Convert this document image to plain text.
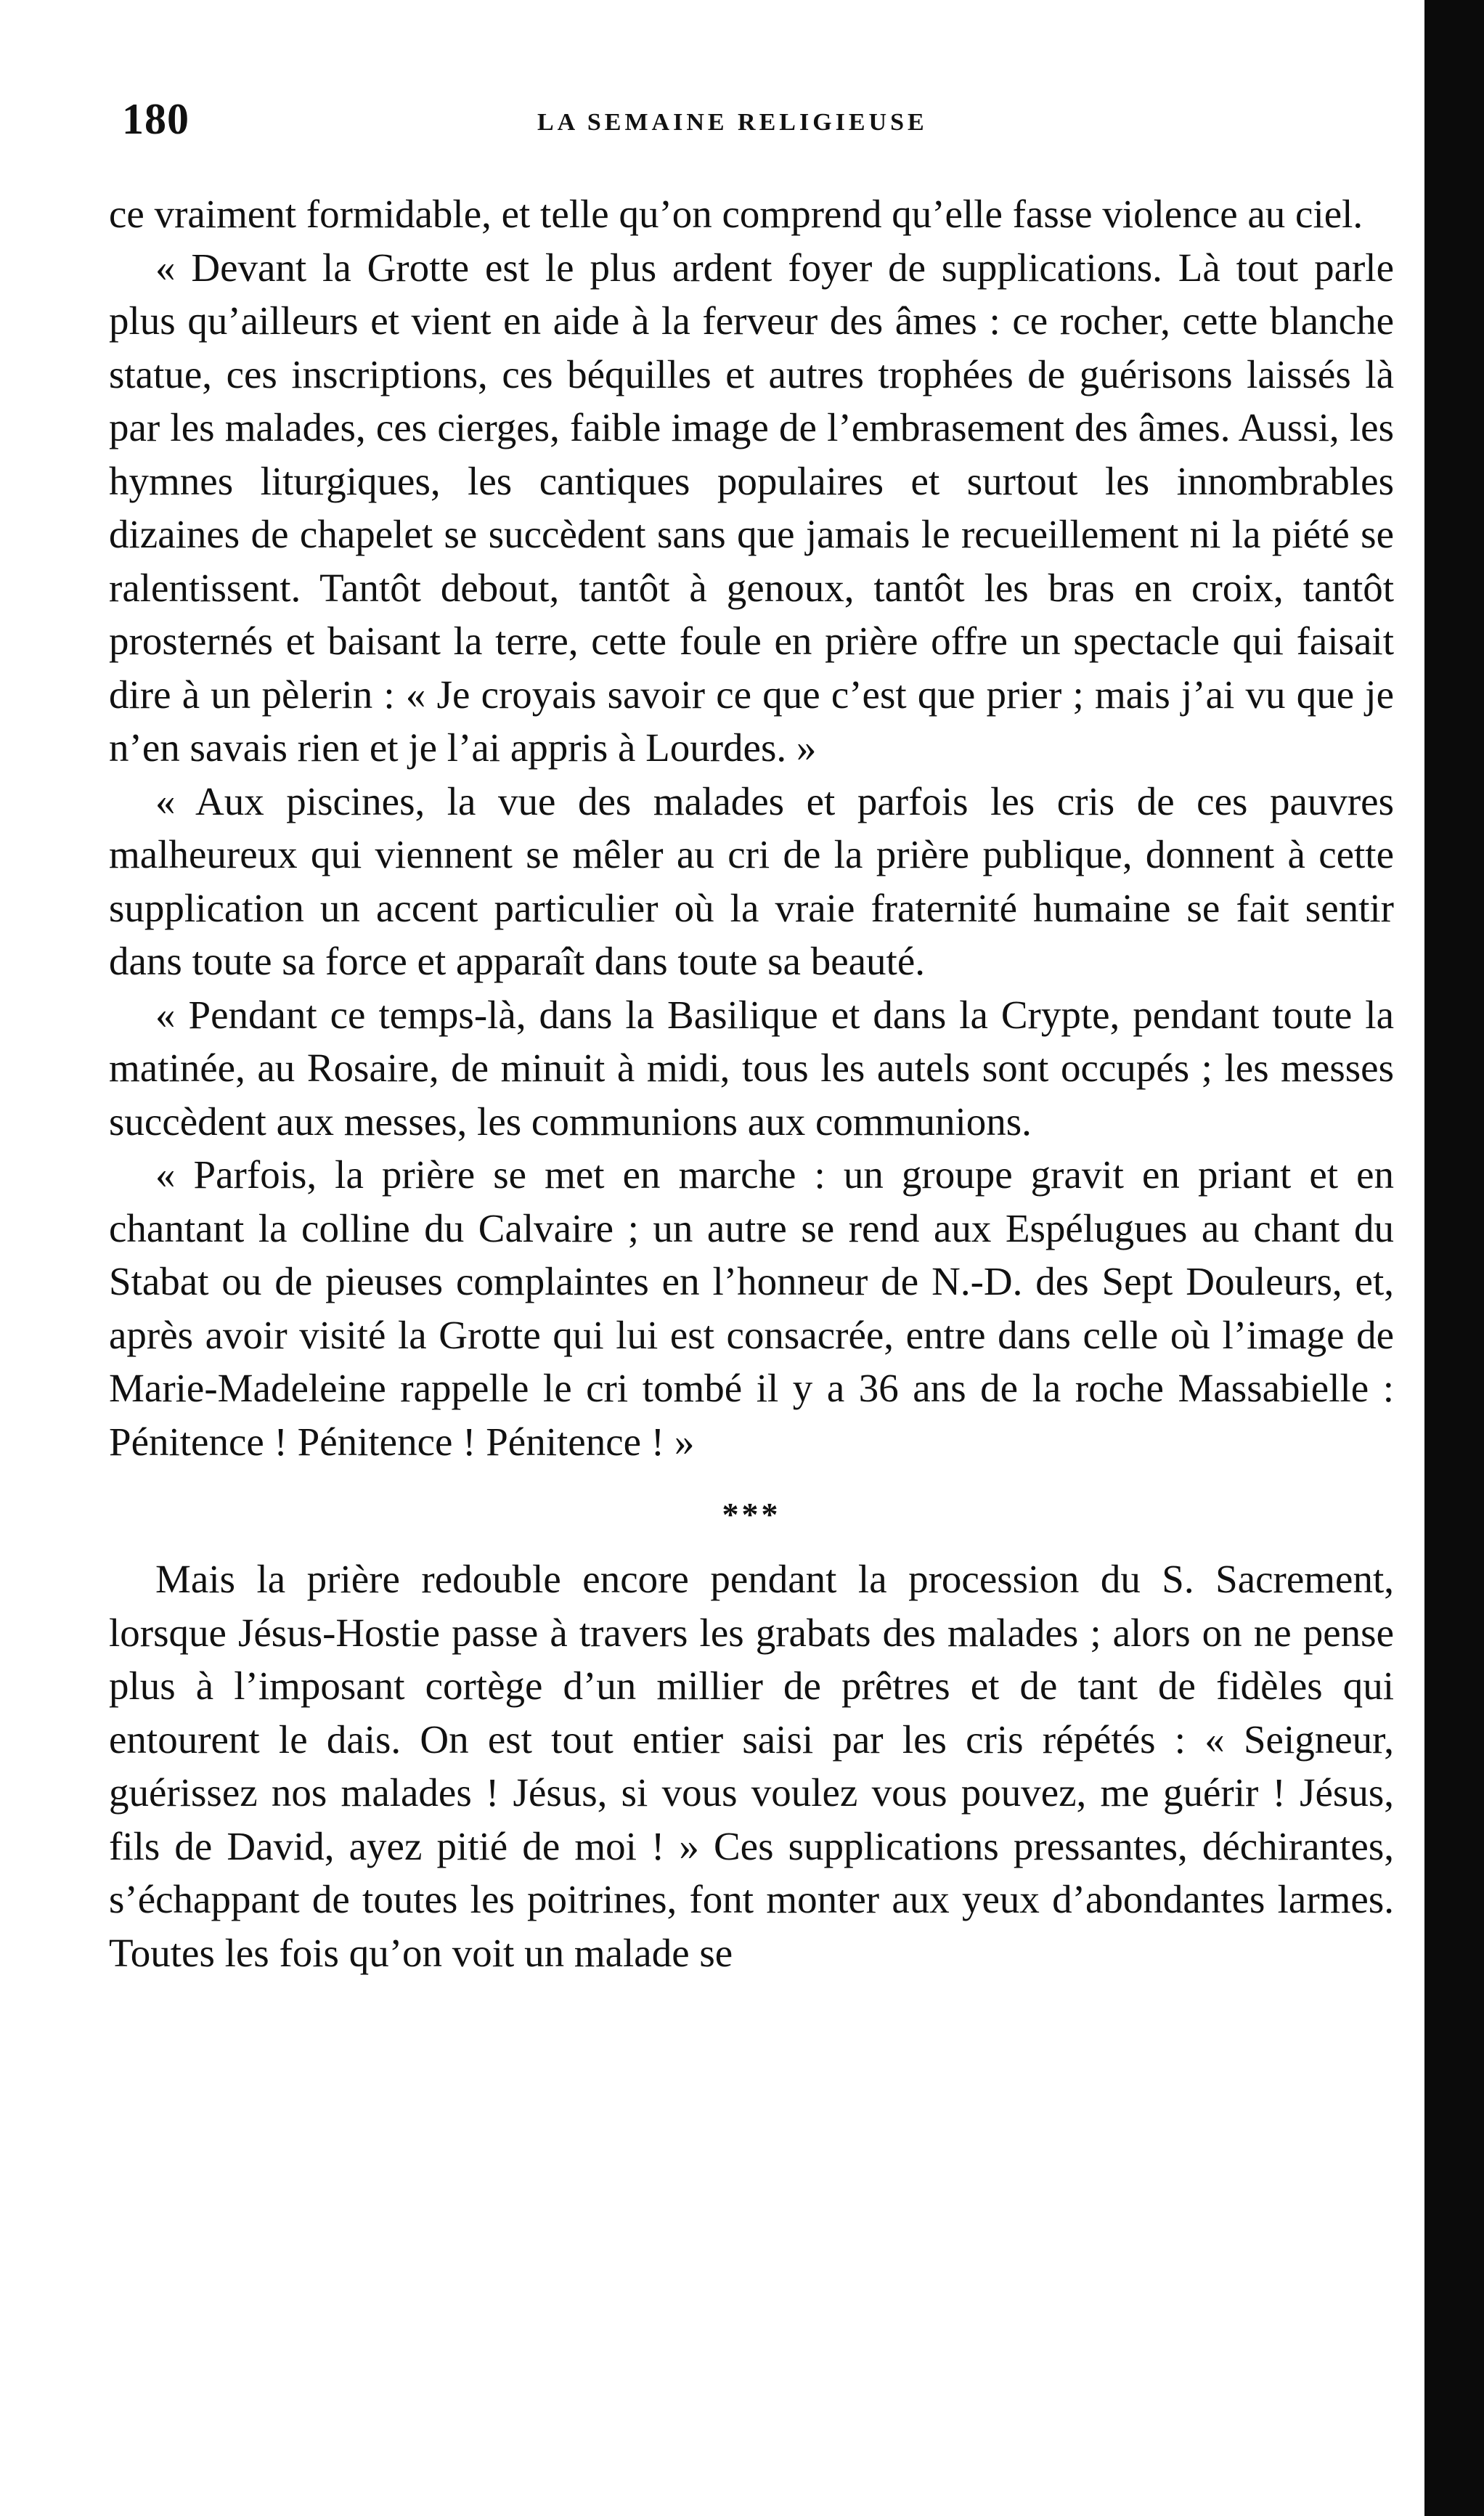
180	LA SEMAINE RELIGIEUSE

ce vraiment formidable, et telle qu’on comprend qu’elle fasse violence au ciel.

« Devant la Grotte est le plus ardent foyer de supplications. Là tout parle plus qu’ailleurs et vient en aide à la ferveur des âmes : ce rocher, cette blanche statue, ces inscriptions, ces béquilles et autres trophées de guérisons laissés là par les malades, ces cierges, faible image de l’embrasement des âmes. Aussi, les hymnes liturgiques, les cantiques populaires et surtout les innombrables dizaines de chapelet se succèdent sans que jamais le recueillement ni la piété se ralentissent. Tantôt debout, tantôt à genoux, tantôt les bras en croix, tantôt prosternés et baisant la terre, cette foule en prière offre un spectacle qui faisait dire à un pèlerin : « Je croyais savoir ce que c’est que prier ; mais j’ai vu que je n’en savais rien et je l’ai appris à Lourdes. »

« Aux piscines, la vue des malades et parfois les cris de ces pauvres malheureux qui viennent se mêler au cri de la prière publique, donnent à cette supplication un accent particulier où la vraie fraternité humaine se fait sentir dans toute sa force et apparaît dans toute sa beauté.

« Pendant ce temps-là, dans la Basilique et dans la Crypte, pendant toute la matinée, au Rosaire, de minuit à midi, tous les autels sont occupés ; les messes succèdent aux messes, les communions aux communions.

« Parfois, la prière se met en marche : un groupe gravit en priant et en chantant la colline du Calvaire ; un autre se rend aux Espélugues au chant du Stabat ou de pieuses complaintes en l’honneur de N.-D. des Sept Douleurs, et, après avoir visité la Grotte qui lui est consacrée, entre dans celle où l’image de Marie-Madeleine rappelle le cri tombé il y a 36 ans de la roche Massabielle : Pénitence ! Pénitence ! Pénitence ! »

***

Mais la prière redouble encore pendant la procession du S. Sacrement, lorsque Jésus-Hostie passe à travers les grabats des malades ; alors on ne pense plus à l’imposant cortège d’un millier de prêtres et de tant de fidèles qui entourent le dais. On est tout entier saisi par les cris répétés : « Seigneur, guérissez nos malades ! Jésus, si vous voulez vous pouvez, me guérir ! Jésus, fils de David, ayez pitié de moi ! » Ces supplications pressantes, déchirantes, s’échappant de toutes les poitrines, font monter aux yeux d’abondantes larmes. Toutes les fois qu’on voit un malade se
